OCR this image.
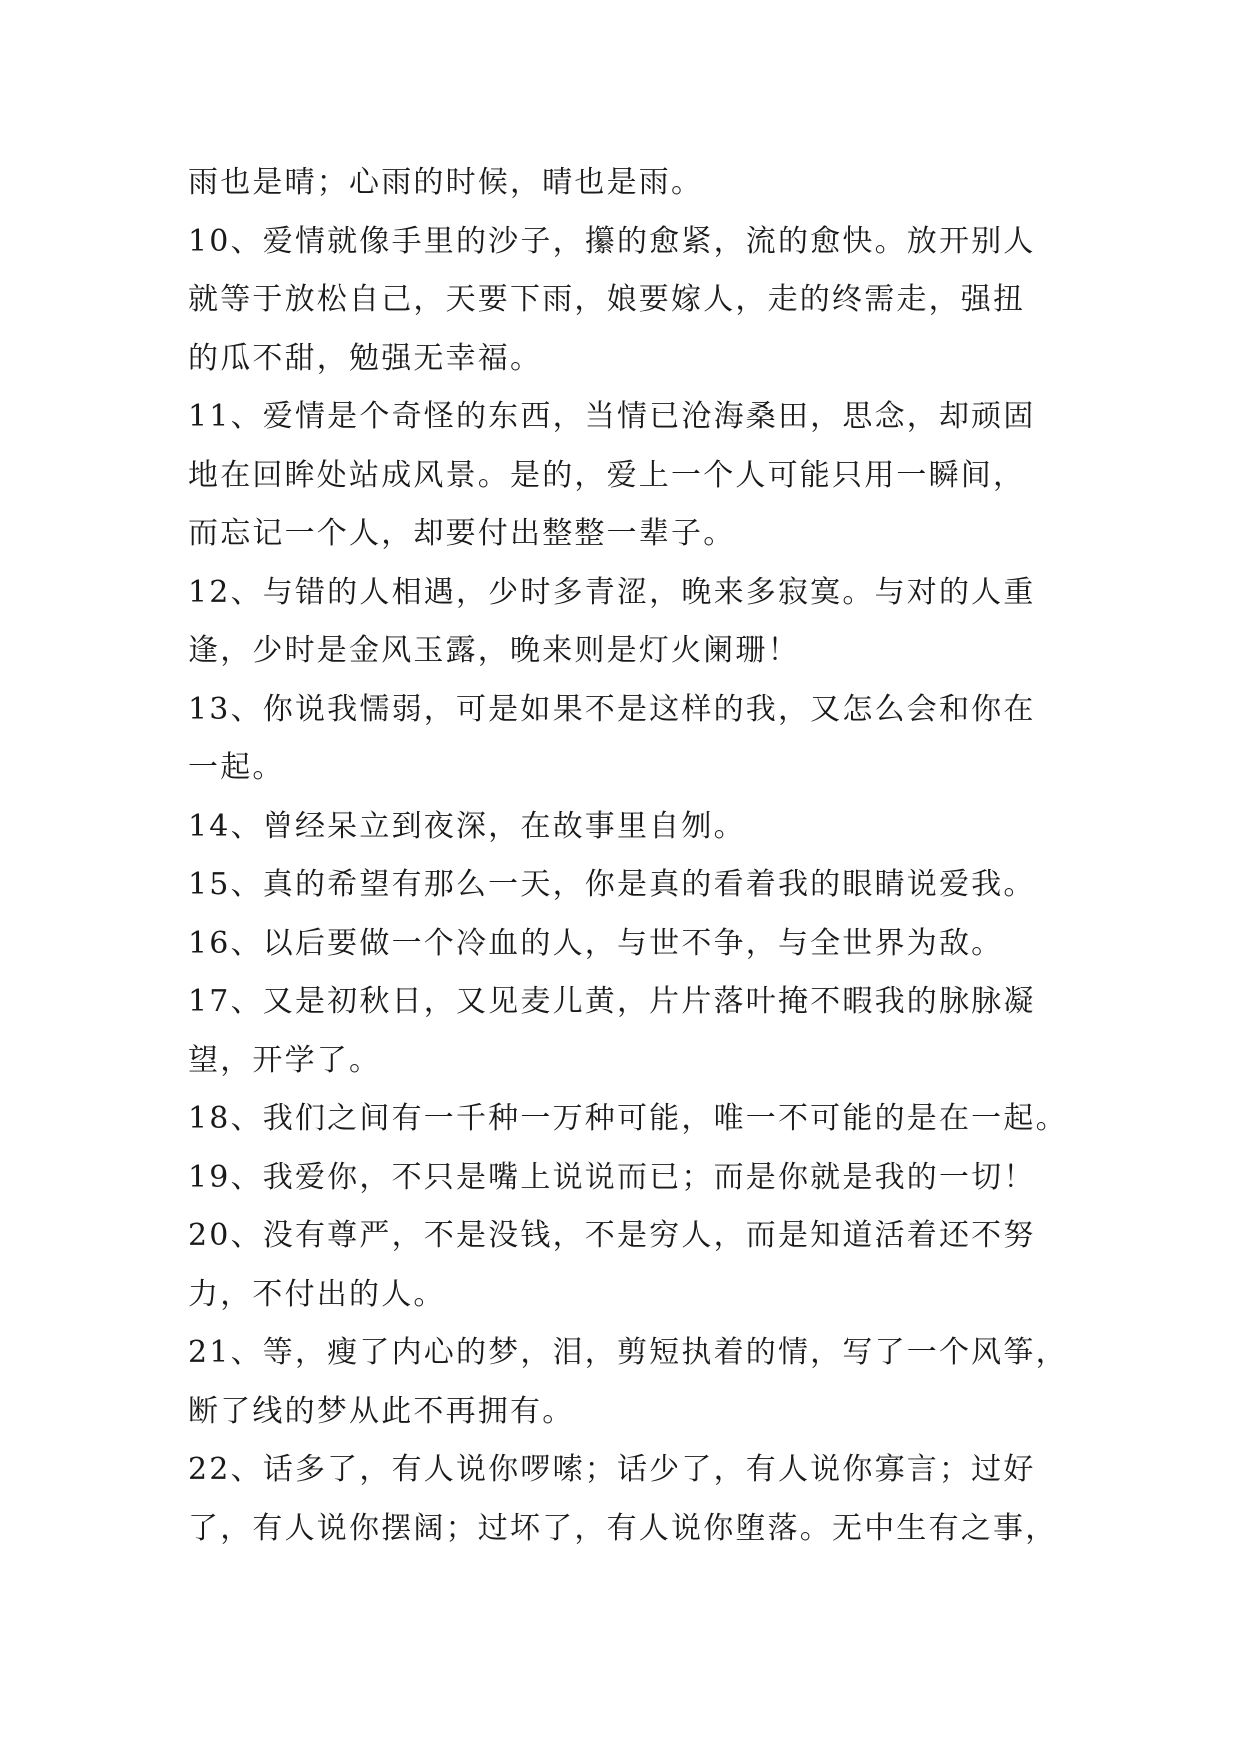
雨也是晴；心雨的时候，晴也是雨。
10、爱情就像手里的沙子，攥的愈紧，流的愈快。放开别人
就等于放松自己，天要下雨，娘要嫁人，走的终需走，强扭
的瓜不甜，勉强无幸福。
11、爱情是个奇怪的东西，当情已沧海桑田，思念，却顽固
地在回眸处站成风景。是的，爱上一个人可能只用一瞬间，
而忘记一个人，却要付出整整一辈子。
12、与错的人相遇，少时多青涩，晚来多寂寞。与对的人重
逢，少时是金风玉露，晚来则是灯火阑珊！
13、你说我懦弱，可是如果不是这样的我，又怎么会和你在
一起。
14、曾经呆立到夜深，在故事里自刎。
15、真的希望有那么一天，你是真的看着我的眼睛说爱我。
16、以后要做一个冷血的人，与世不争，与全世界为敌。
17、又是初秋日，又见麦儿黄，片片落叶掩不暇我的脉脉凝
望，开学了。
18、我们之间有一千种一万种可能，唯一不可能的是在一起。
19、我爱你，不只是嘴上说说而已；而是你就是我的一切！
20、没有尊严，不是没钱，不是穷人，而是知道活着还不努
力，不付出的人。
21、等，瘦了内心的梦，泪，剪短执着的情，写了一个风筝，
断了线的梦从此不再拥有。
22、话多了，有人说你啰嗦；话少了，有人说你寡言；过好
了，有人说你摆阔；过坏了，有人说你堕落。无中生有之事，
